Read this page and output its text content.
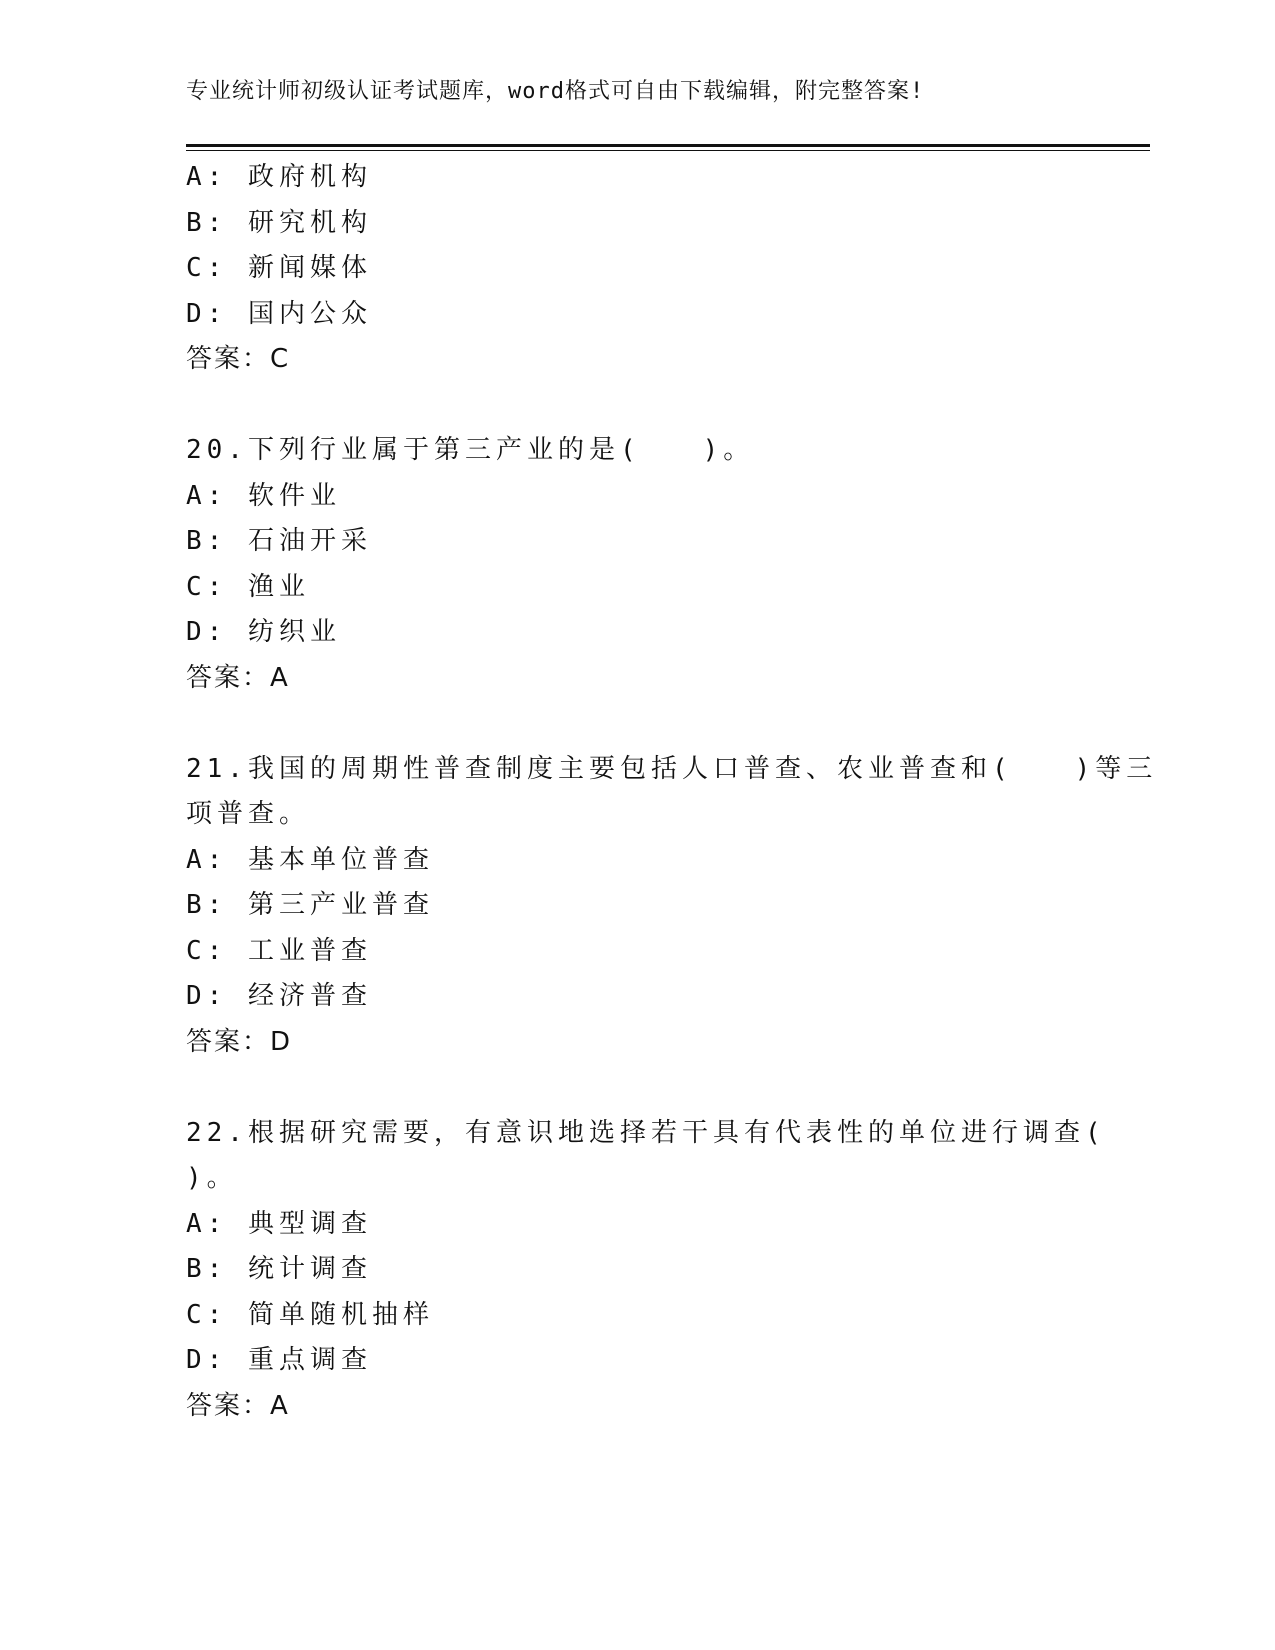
专业统计师初级认证考试题库，word格式可自由下载编辑，附完整答案!
A: 政府机构
B: 研究机构
C: 新闻媒体
D: 国内公众
答案：C
20.下列行业属于第三产业的是(　　)。
A: 软件业
B: 石油开采
C: 渔业
D: 纺织业
答案：A
21.我国的周期性普查制度主要包括人口普查、农业普查和(　　)等三
项普查。
A: 基本单位普查
B: 第三产业普查
C: 工业普查
D: 经济普查
答案：D
22.根据研究需要，有意识地选择若干具有代表性的单位进行调查(
)。
A: 典型调查
B: 统计调查
C: 简单随机抽样
D: 重点调查
答案：A
